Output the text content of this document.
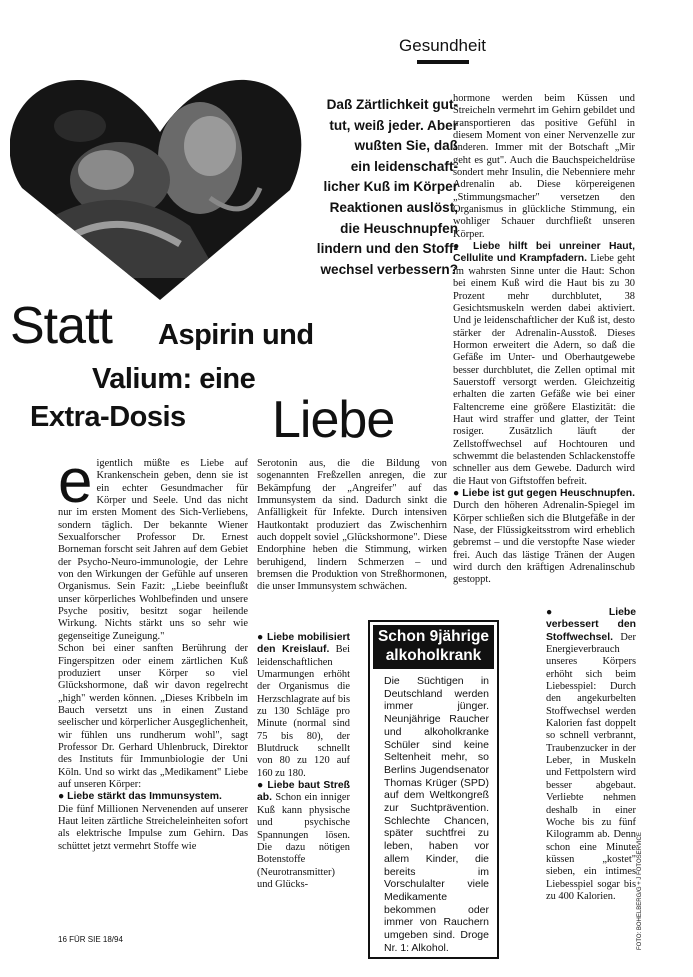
Gesundheit
Daß Zärtlichkeit gut-
tut, weiß jeder. Aber
wußten Sie, daß
ein leidenschaft-
licher Kuß im Körper
Reaktionen auslöst,
die Heuschnupfen
lindern und den Stoff-
wechsel verbessern?
Statt Aspirin und
Valium: eine
Extra-Dosis Liebe

eigentlich müßte es Liebe auf Krankenschein geben, denn sie ist ein echter Gesundmacher für Körper und Seele. Und das nicht nur im ersten Moment des Sich-Verliebens, sondern täglich. Der bekannte Wiener Sexualforscher Professor Dr. Ernest Borneman forscht seit Jahren auf dem Gebiet der Psycho-Neuro-immunologie, der Lehre von den Wirkungen der Gefühle auf unseren Organismus. Sein Fazit: „Liebe beeinflußt unser körperliches Wohlbefinden und unsere Psyche positiv, besitzt sogar heilende Wirkung. Nichts stärkt uns so sehr wie gegenseitige Zuneigung."

Schon bei einer sanften Berührung der Fingerspitzen oder einem zärtlichen Kuß produziert unser Körper so viel Glückshormone, daß wir davon regelrecht „high" werden können. „Dieses Kribbeln im Bauch versetzt uns in einen Zustand seelischer und körperlicher Ausgeglichenheit, wir fühlen uns rundherum wohl", sagt Professor Dr. Gerhard Uhlenbruck, Direktor des Instituts für Immunbiologie der Uni Köln. Und so wirkt das „Medikament" Liebe auf unseren Körper:

● Liebe stärkt das Immunsystem.

Die fünf Millionen Nervenenden auf unserer Haut leiten zärtliche Streicheleinheiten sofort als elektrische Impulse zum Gehirn. Das schüttet jetzt vermehrt Stoffe wie

Serotonin aus, die die Bildung von sogenannten Freßzellen anregen, die zur Bekämpfung der „Angreifer" auf das Immunsystem da sind. Dadurch sinkt die Anfälligkeit für Infekte. Durch intensiven Hautkontakt produziert das Zwischenhirn auch doppelt soviel „Glückshormone". Diese Endorphine heben die Stimmung, wirken beruhigend, lindern Schmerzen – und bremsen die Produktion von Streßhormonen, die unser Immunsystem schwächen.

● Liebe mobilisiert den Kreislauf. Bei leidenschaftlichen Umarmungen erhöht der Organismus die Herzschlagrate auf bis zu 130 Schläge pro Minute (normal sind 75 bis 80), der Blutdruck schnellt von 80 zu 120 auf 160 zu 180.

● Liebe baut Streß ab. Schon ein inniger Kuß kann physische und psychische Spannungen lösen. Die dazu nötigen Botenstoffe (Neurotransmitter) und Glücks-

hormone werden beim Küssen und Streicheln vermehrt im Gehirn gebildet und transportieren das positive Gefühl in diesem Moment von einer Nervenzelle zur anderen. Immer mit der Botschaft „Mir geht es gut". Auch die Bauchspeicheldrüse sondert mehr Insulin, die Nebenniere mehr Adrenalin ab. Diese körpereigenen „Stimmungsmacher" versetzen den Organismus in glückliche Stimmung, ein wohliger Schauer durchfließt unseren Körper.

● Liebe hilft bei unreiner Haut, Cellulite und Krampfadern. Liebe geht im wahrsten Sinne unter die Haut: Schon bei einem Kuß wird die Haut bis zu 30 Prozent mehr durchblutet, 38 Gesichtsmuskeln werden dabei aktiviert. Und je leidenschaftlicher der Kuß ist, desto stärker der Adrenalin-Ausstoß. Dieses Hormon erweitert die Adern, so daß die Gefäße im Unter- und Oberhautgewebe besser durchblutet, die Zellen optimal mit Sauerstoff versorgt werden. Gleichzeitig erhalten die zarten Gefäße wie bei einer Faltencreme eine größere Elastizität: die Haut wird straffer und glatter, der Teint rosiger. Zusätzlich läuft der Zellstoffwechsel auf Hochtouren und schwemmt die belastenden Schlackenstoffe schneller aus dem Gewebe. Dadurch wird die Haut von Giftstoffen befreit.

● Liebe ist gut gegen Heuschnupfen. Durch den höheren Adrenalin-Spiegel im Körper schließen sich die Blutgefäße in der Nase, der Flüssigkeitsstrom wird erheblich gebremst – und die verstopfte Nase wieder frei. Auch das lästige Tränen der Augen wird durch den kräftigen Adrenalinschub gestoppt.

● Liebe verbessert den Stoffwechsel. Der Energieverbrauch unseres Körpers erhöht sich beim Liebesspiel: Durch den angekurbelten Stoffwechsel werden Kalorien fast doppelt so schnell verbrannt, Traubenzucker in der Leber, in Muskeln und Fettpolstern wird besser abgebaut. Verliebte nehmen deshalb in einer Woche bis zu fünf Kilogramm ab. Denn schon eine Minute küssen „kostet" sieben, ein intimes Liebesspiel sogar bis zu 400 Kalorien.

Schon 9jährige
alkoholkrank
Die Süchtigen in Deutschland werden immer jünger. Neunjährige Raucher und alkoholkranke Schüler sind keine Seltenheit mehr, so Berlins Jugendsenator Thomas Krüger (SPD) auf dem Weltkongreß zur Suchtprävention. Schlechte Chancen, später suchtfrei zu leben, haben vor allem Kinder, die bereits im Vorschulalter viele Medikamente bekommen oder immer von Rauchern umgeben sind. Droge Nr. 1: Alkohol.	FOTO: BOHELBERG/G + J FOTOSERVICE
16 FÜR SIE 18/94
